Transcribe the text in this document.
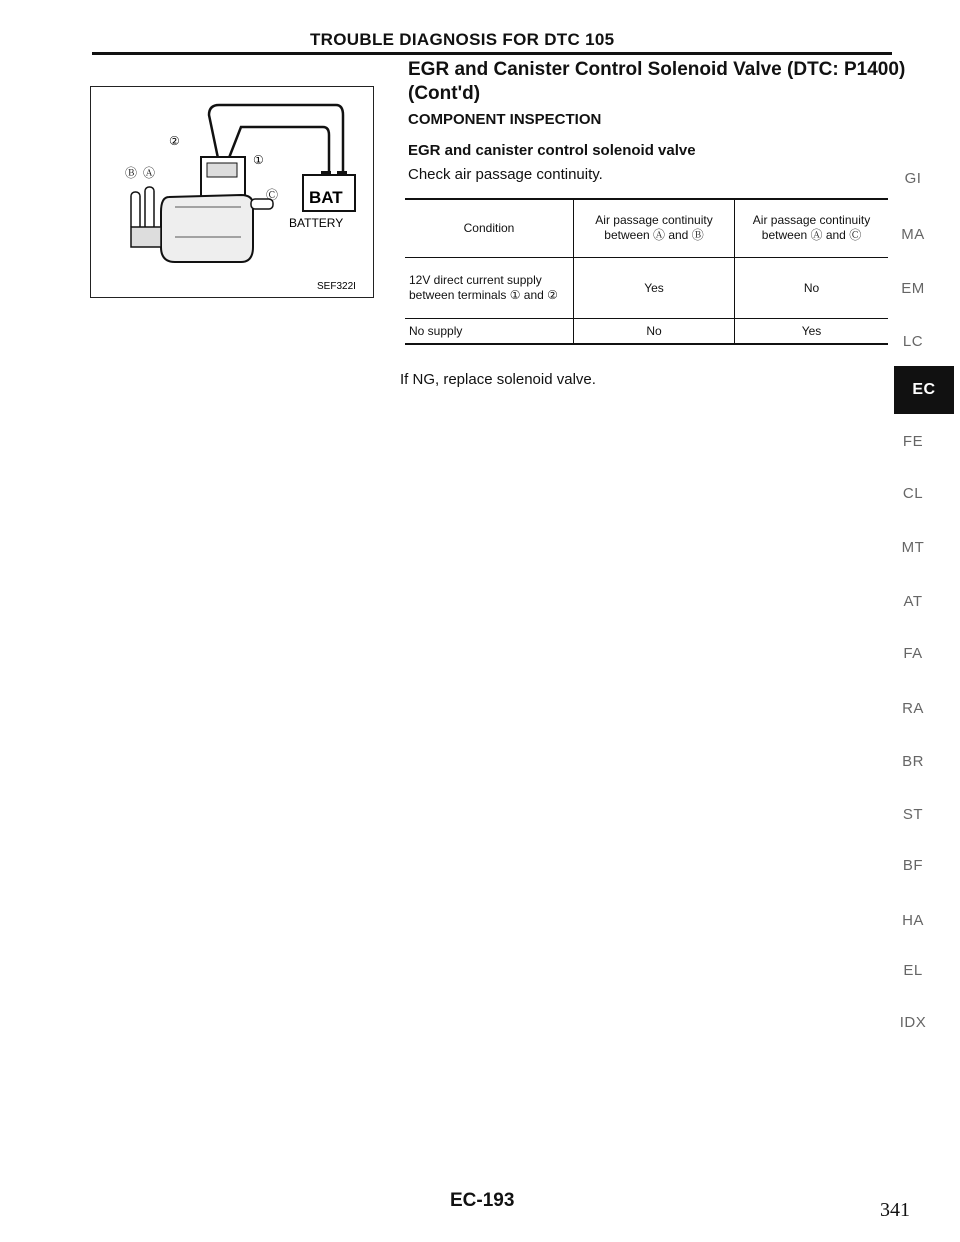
TROUBLE DIAGNOSIS FOR DTC 105
BAT
②
①
Ⓑ Ⓐ
Ⓒ
BATTERY
SEF322I
EGR and Canister Control Solenoid Valve (DTC: P1400) (Cont'd)
COMPONENT INSPECTION
EGR and canister control solenoid valve
Check air passage continuity.
Condition	Air passage continuity between Ⓐ and Ⓑ	Air passage continuity between Ⓐ and Ⓒ
12V direct current supply between terminals ① and ②	Yes	No
No supply	No	Yes
If NG, replace solenoid valve.
GI
MA
EM
LC
EC
FE
CL
MT
AT
FA
RA
BR
ST
BF
HA
EL
IDX
EC-193	341
